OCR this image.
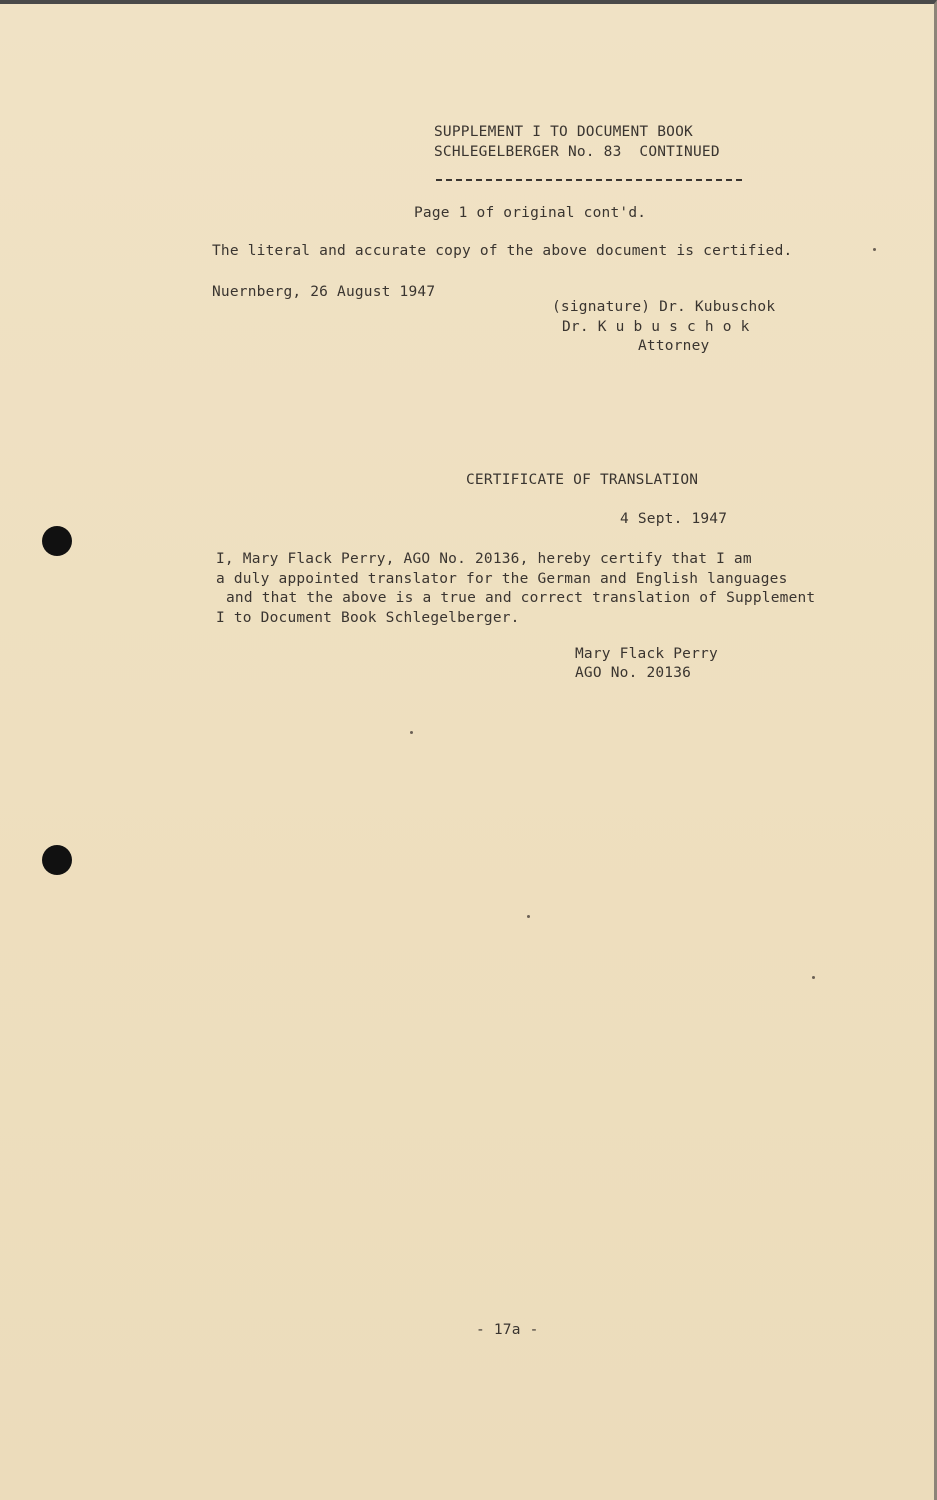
SUPPLEMENT I TO DOCUMENT BOOK
SCHLEGELBERGER No. 83  CONTINUED
Page 1 of original cont'd.
The literal and accurate copy of the above document is certified.
Nuernberg, 26 August 1947
(signature) Dr. Kubuschok
Dr. K u b u s c h o k
Attorney
CERTIFICATE OF TRANSLATION
4 Sept. 1947
I, Mary Flack Perry, AGO No. 20136, hereby certify that I am
a duly appointed translator for the German and English languages
and that the above is a true and correct translation of Supplement
I to Document Book Schlegelberger.
Mary Flack Perry
AGO No. 20136
- 17a -
